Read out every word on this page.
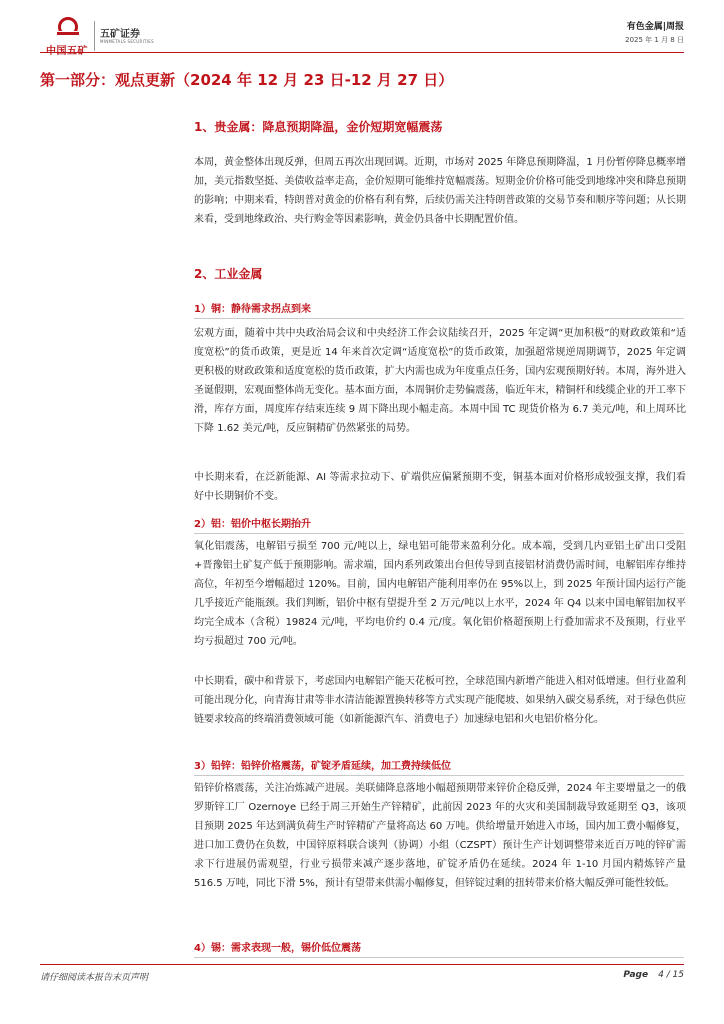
五矿证券
MINMETALS SECURITIES
有色金属|周报
2025 年 1 月 8 日
第一部分：观点更新（2024 年 12 月 23 日-12 月 27 日）
1、贵金属：降息预期降温，金价短期宽幅震荡
本周，黄金整体出现反弹，但周五再次出现回调。近期，市场对 2025 年降息预期降温，1 月份暂停降息概率增加，美元指数坚挺、美债收益率走高，金价短期可能维持宽幅震荡。短期金价价格可能受到地缘冲突和降息预期的影响；中期来看，特朗普对黄金的价格有利有弊，后续仍需关注特朗普政策的交易节奏和顺序等问题；从长期来看，受到地缘政治、央行购金等因素影响，黄金仍具备中长期配置价值。
2、工业金属
1）铜：静待需求拐点到来
宏观方面，随着中共中央政治局会议和中央经济工作会议陆续召开，2025 年定调“更加积极”的财政政策和“适度宽松”的货币政策，更是近 14 年来首次定调“适度宽松”的货币政策，加强超常规逆周期调节，2025 年定调更积极的财政政策和适度宽松的货币政策，扩大内需也成为年度重点任务，国内宏观预期好转。本周，海外进入圣诞假期，宏观面整体尚无变化。基本面方面，本周铜价走势偏震荡，临近年末，精铜杆和线缆企业的开工率下滑，库存方面，周度库存结束连续 9 周下降出现小幅走高。本周中国 TC 现货价格为 6.7 美元/吨，和上周环比下降 1.62 美元/吨，反应铜精矿仍然紧张的局势。
中长期来看，在泛新能源、AI 等需求拉动下、矿端供应偏紧预期不变，铜基本面对价格形成较强支撑，我们看好中长期铜价不变。
2）铝：铝价中枢长期抬升
氧化铝震荡，电解铝亏损至 700 元/吨以上，绿电铝可能带来盈利分化。成本端，受到几内亚铝土矿出口受阻+晋豫铝土矿复产低于预期影响。需求端，国内系列政策出台但传导到直接铝材消费仍需时间，电解铝库存维持高位，年初至今增幅超过 120%。目前，国内电解铝产能利用率仍在 95%以上，到 2025 年预计国内运行产能几乎接近产能瓶颈。我们判断，铝价中枢有望提升至 2 万元/吨以上水平，2024 年 Q4 以来中国电解铝加权平均完全成本（含税）19824 元/吨，平均电价约 0.4 元/度。氧化铝价格超预期上行叠加需求不及预期，行业平均亏损超过 700 元/吨。
中长期看，碳中和背景下，考虑国内电解铝产能天花板可控，全球范围内新增产能进入相对低增速。但行业盈利可能出现分化，向青海甘肃等非水清洁能源置换转移等方式实现产能爬坡、如果纳入碳交易系统，对于绿色供应链要求较高的终端消费领域可能（如新能源汽车、消费电子）加速绿电铝和火电铝价格分化。
3）铅锌：铅锌价格震荡，矿锭矛盾延续，加工费持续低位
铅锌价格震荡，关注冶炼减产进展。美联储降息落地小幅超预期带来锌价企稳反弹，2024 年主要增量之一的俄罗斯锌工厂 Ozernoye 已经于周三开始生产锌精矿，此前因 2023 年的火灾和美国制裁导致延期至 Q3，该项目预期 2025 年达到满负荷生产时锌精矿产量将高达 60 万吨。供给增量开始进入市场，国内加工费小幅修复，进口加工费仍在负数，中国锌原料联合谈判（协调）小组（CZSPT）预计生产计划调整带来近百万吨的锌矿需求下行进展仍需观望，行业亏损带来减产逐步落地，矿锭矛盾仍在延续。2024 年 1-10 月国内精炼锌产量 516.5 万吨，同比下滑 5%，预计有望带来供需小幅修复，但锌锭过剩的扭转带来价格大幅反弹可能性较低。
4）锡：需求表现一般，锡价低位震荡
请仔细阅读本报告末页声明	Page 4 / 15
